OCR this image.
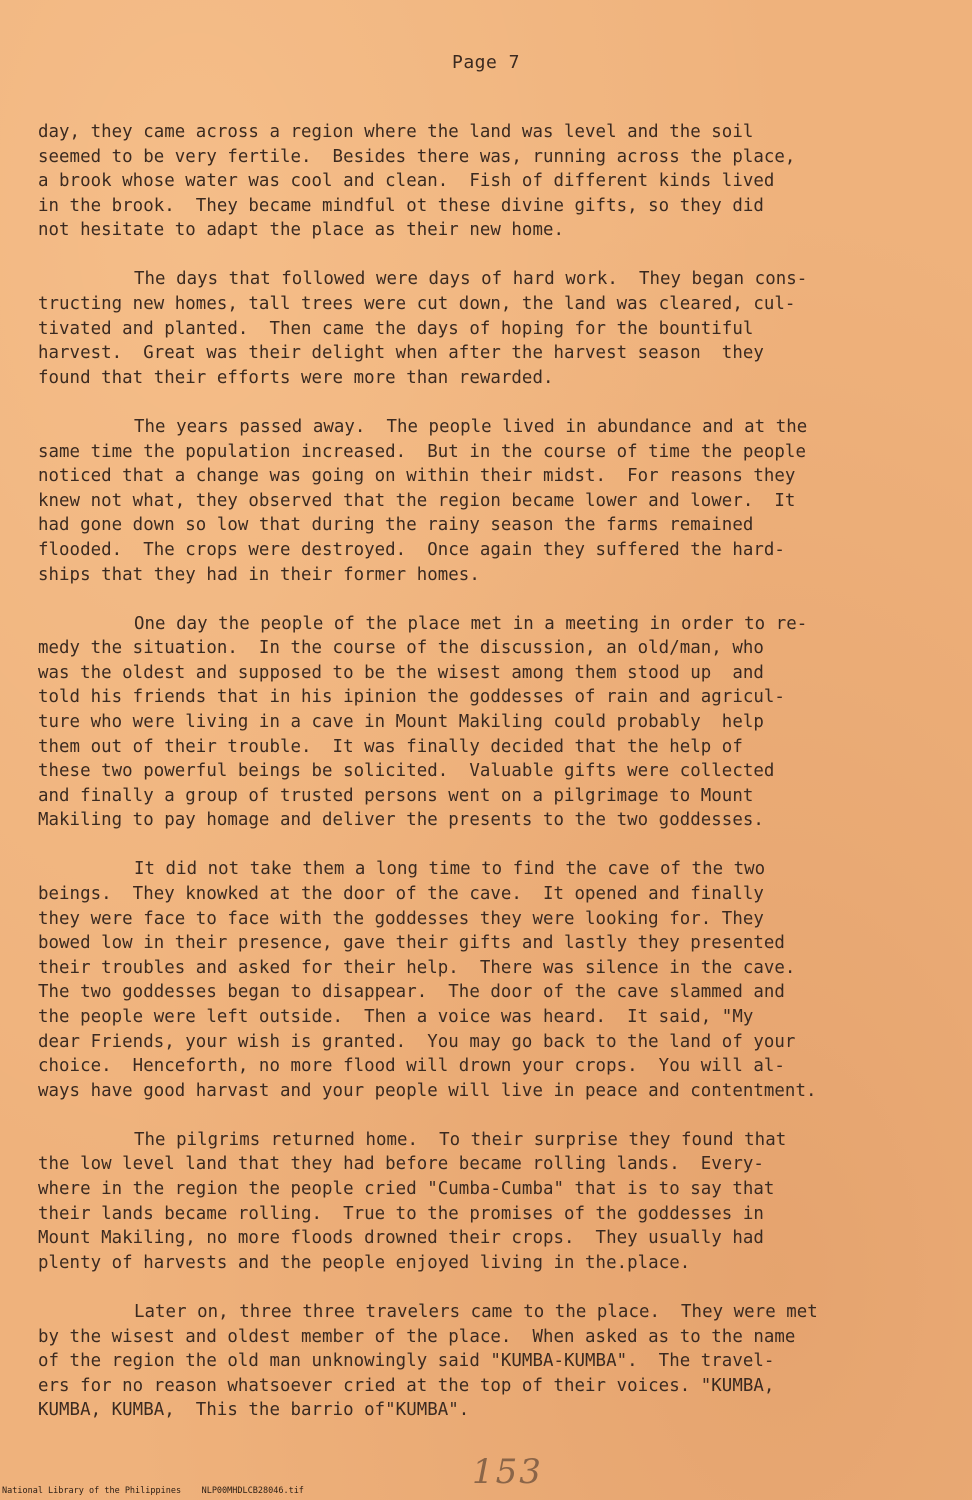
Page 7
day, they came across a region where the land was level and the soil
seemed to be very fertile.  Besides there was, running across the place,
a brook whose water was cool and clean.  Fish of different kinds lived
in the brook.  They became mindful ot these divine gifts, so they did
not hesitate to adapt the place as their new home.
The days that followed were days of hard work.  They began cons-
tructing new homes, tall trees were cut down, the land was cleared, cul-
tivated and planted.  Then came the days of hoping for the bountiful
harvest.  Great was their delight when after the harvest season  they
found that their efforts were more than rewarded.
The years passed away.  The people lived in abundance and at the
same time the population increased.  But in the course of time the people
noticed that a change was going on within their midst.  For reasons they
knew not what, they observed that the region became lower and lower.  It
had gone down so low that during the rainy season the farms remained
flooded.  The crops were destroyed.  Once again they suffered the hard-
ships that they had in their former homes.
One day the people of the place met in a meeting in order to re-
medy the situation.  In the course of the discussion, an old/man, who
was the oldest and supposed to be the wisest among them stood up  and
told his friends that in his ipinion the goddesses of rain and agricul-
ture who were living in a cave in Mount Makiling could probably  help
them out of their trouble.  It was finally decided that the help of
these two powerful beings be solicited.  Valuable gifts were collected
and finally a group of trusted persons went on a pilgrimage to Mount
Makiling to pay homage and deliver the presents to the two goddesses.
It did not take them a long time to find the cave of the two
beings.  They knowked at the door of the cave.  It opened and finally
they were face to face with the goddesses they were looking for. They
bowed low in their presence, gave their gifts and lastly they presented
their troubles and asked for their help.  There was silence in the cave.
The two goddesses began to disappear.  The door of the cave slammed and
the people were left outside.  Then a voice was heard.  It said, "My
dear Friends, your wish is granted.  You may go back to the land of your
choice.  Henceforth, no more flood will drown your crops.  You will al-
ways have good harvast and your people will live in peace and contentment.
The pilgrims returned home.  To their surprise they found that
the low level land that they had before became rolling lands.  Every-
where in the region the people cried "Cumba-Cumba" that is to say that
their lands became rolling.  True to the promises of the goddesses in
Mount Makiling, no more floods drowned their crops.  They usually had
plenty of harvests and the people enjoyed living in the.place.
Later on, three three travelers came to the place.  They were met
by the wisest and oldest member of the place.  When asked as to the name
of the region the old man unknowingly said "KUMBA-KUMBA".  The travel-
ers for no reason whatsoever cried at the top of their voices. "KUMBA,
KUMBA, KUMBA,  This the barrio of"KUMBA".
153
National Library of the Philippines    NLP00MHDLCB28046.tif
